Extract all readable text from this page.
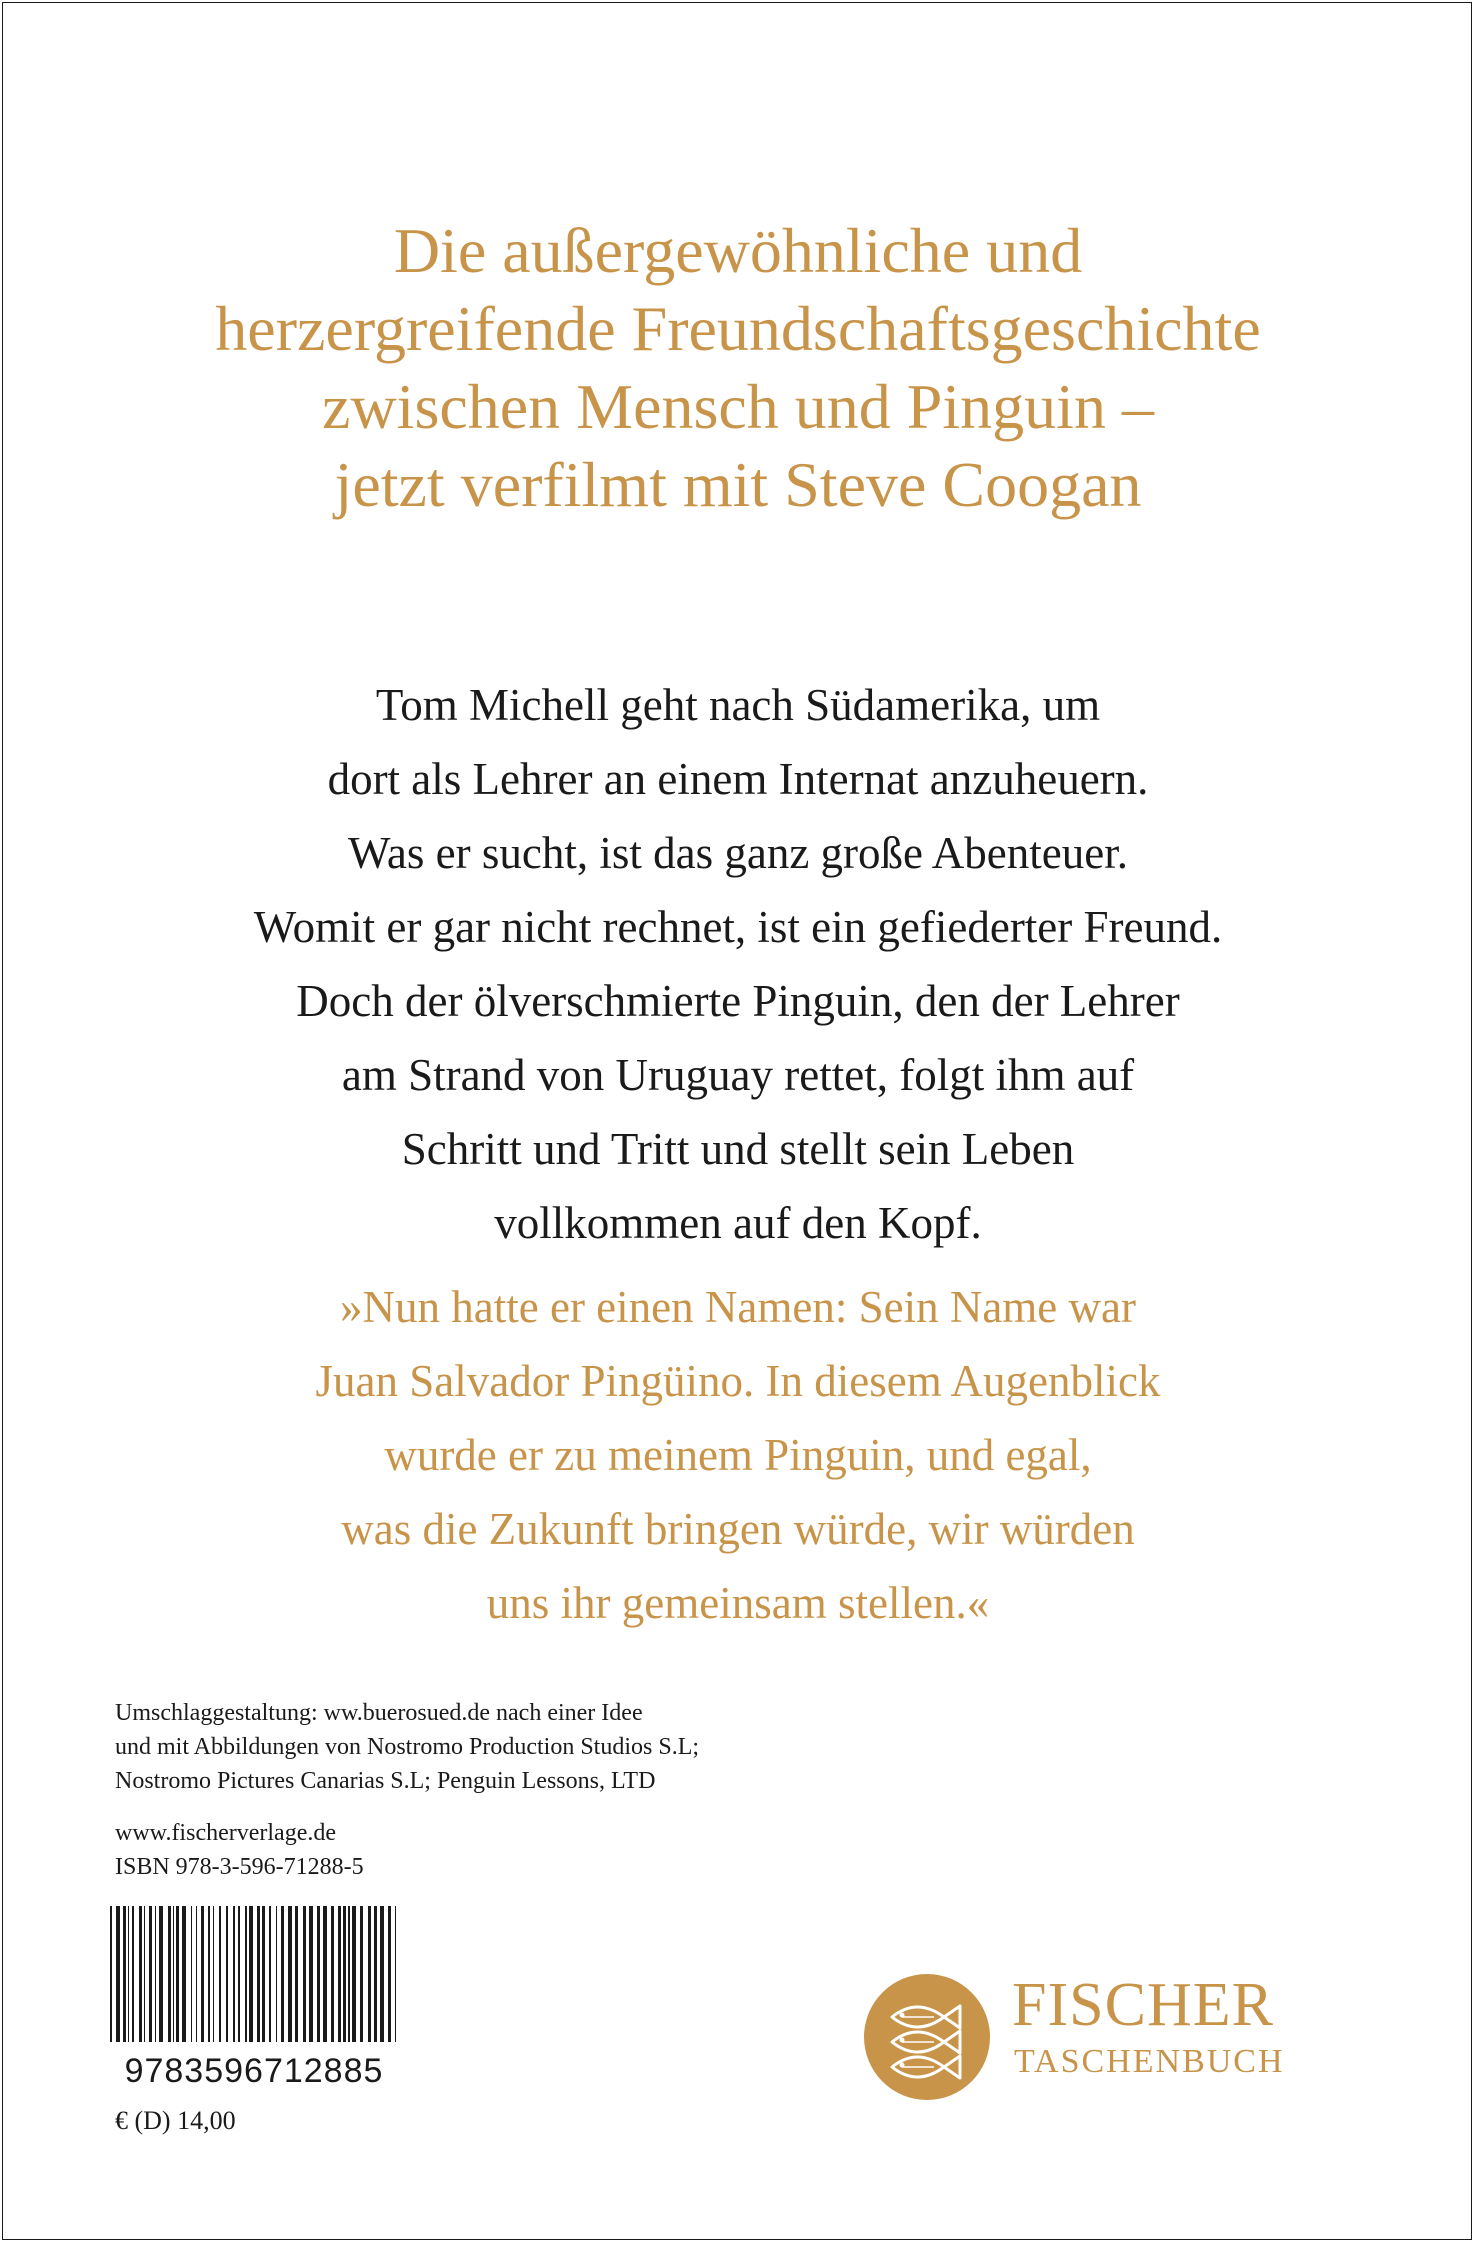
Die außergewöhnliche und
herzergreifende Freundschaftsgeschichte
zwischen Mensch und Pinguin –
jetzt verfilmt mit Steve Coogan

Tom Michell geht nach Südamerika, um
dort als Lehrer an einem Internat anzuheuern.
Was er sucht, ist das ganz große Abenteuer.
Womit er gar nicht rechnet, ist ein gefiederter Freund.
Doch der ölverschmierte Pinguin, den der Lehrer
am Strand von Uruguay rettet, folgt ihm auf
Schritt und Tritt und stellt sein Leben
vollkommen auf den Kopf.

»Nun hatte er einen Namen: Sein Name war
Juan Salvador Pingüino. In diesem Augenblick
wurde er zu meinem Pinguin, und egal,
was die Zukunft bringen würde, wir würden
uns ihr gemeinsam stellen.«

Umschlaggestaltung: ww.buerosued.de nach einer Idee
und mit Abbildungen von Nostromo Production Studios S.L;
Nostromo Pictures Canarias S.L; Penguin Lessons, LTD
www.fischerverlage.de
ISBN 978-3-596-71288-5
9783596712885
€ (D) 14,00
FISCHER
TASCHENBUCH
